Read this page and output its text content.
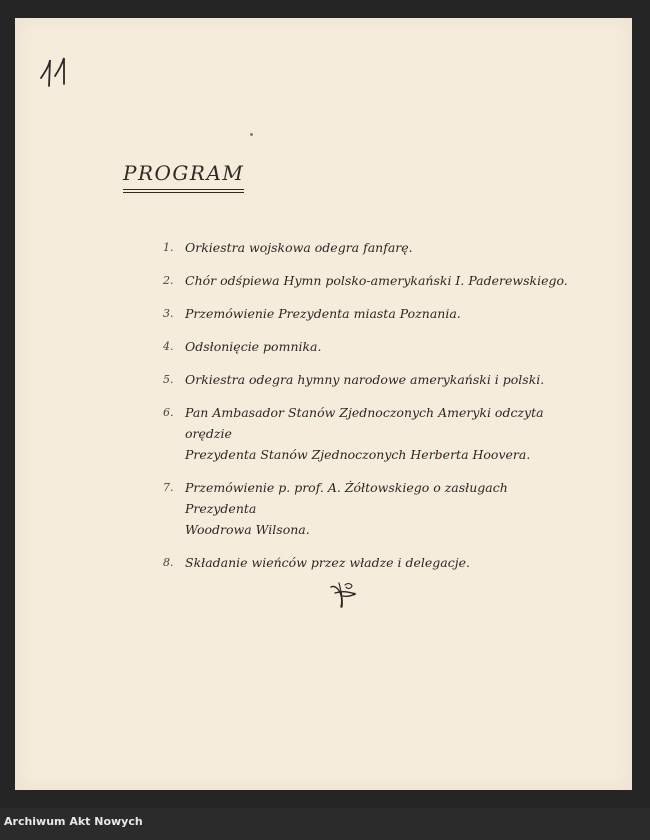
PROGRAM
1. Orkiestra wojskowa odegra fanfarę.
2. Chór odśpiewa Hymn polsko-amerykański I. Paderewskiego.
3. Przemówienie Prezydenta miasta Poznania.
4. Odsłonięcie pomnika.
5. Orkiestra odegra hymny narodowe amerykański i polski.
6. Pan Ambasador Stanów Zjednoczonych Ameryki odczyta orędzie
Prezydenta Stanów Zjednoczonych Herberta Hoovera.
7. Przemówienie p. prof. A. Żółtowskiego o zasługach Prezydenta
Woodrowa Wilsona.
8. Składanie wieńców przez władze i delegacje.
Archiwum Akt Nowych
